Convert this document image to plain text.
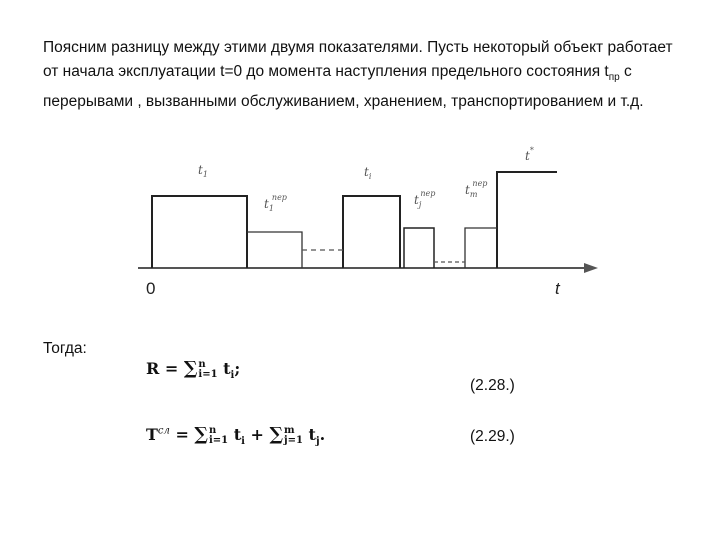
Поясним разницу между этими двумя показателями. Пусть некоторый объект работает от начала эксплуатации t=0 до момента наступления предельного состояния $t_{пр}$ с перерывами , вызванными обслуживанием, хранением, транспортированием и т.д.

$t_1$	$t_i$
$t_1пер$	$t_jпер$ $t_mпер$
t*
0	t
Тогда:
R = ∑ n
i=1 $t_i$;
(2.28.)
$T^{сл}$ = ∑ n
i=1 $t_i$ + ∑ m
j=1 $t_j$.	(2.29.)
